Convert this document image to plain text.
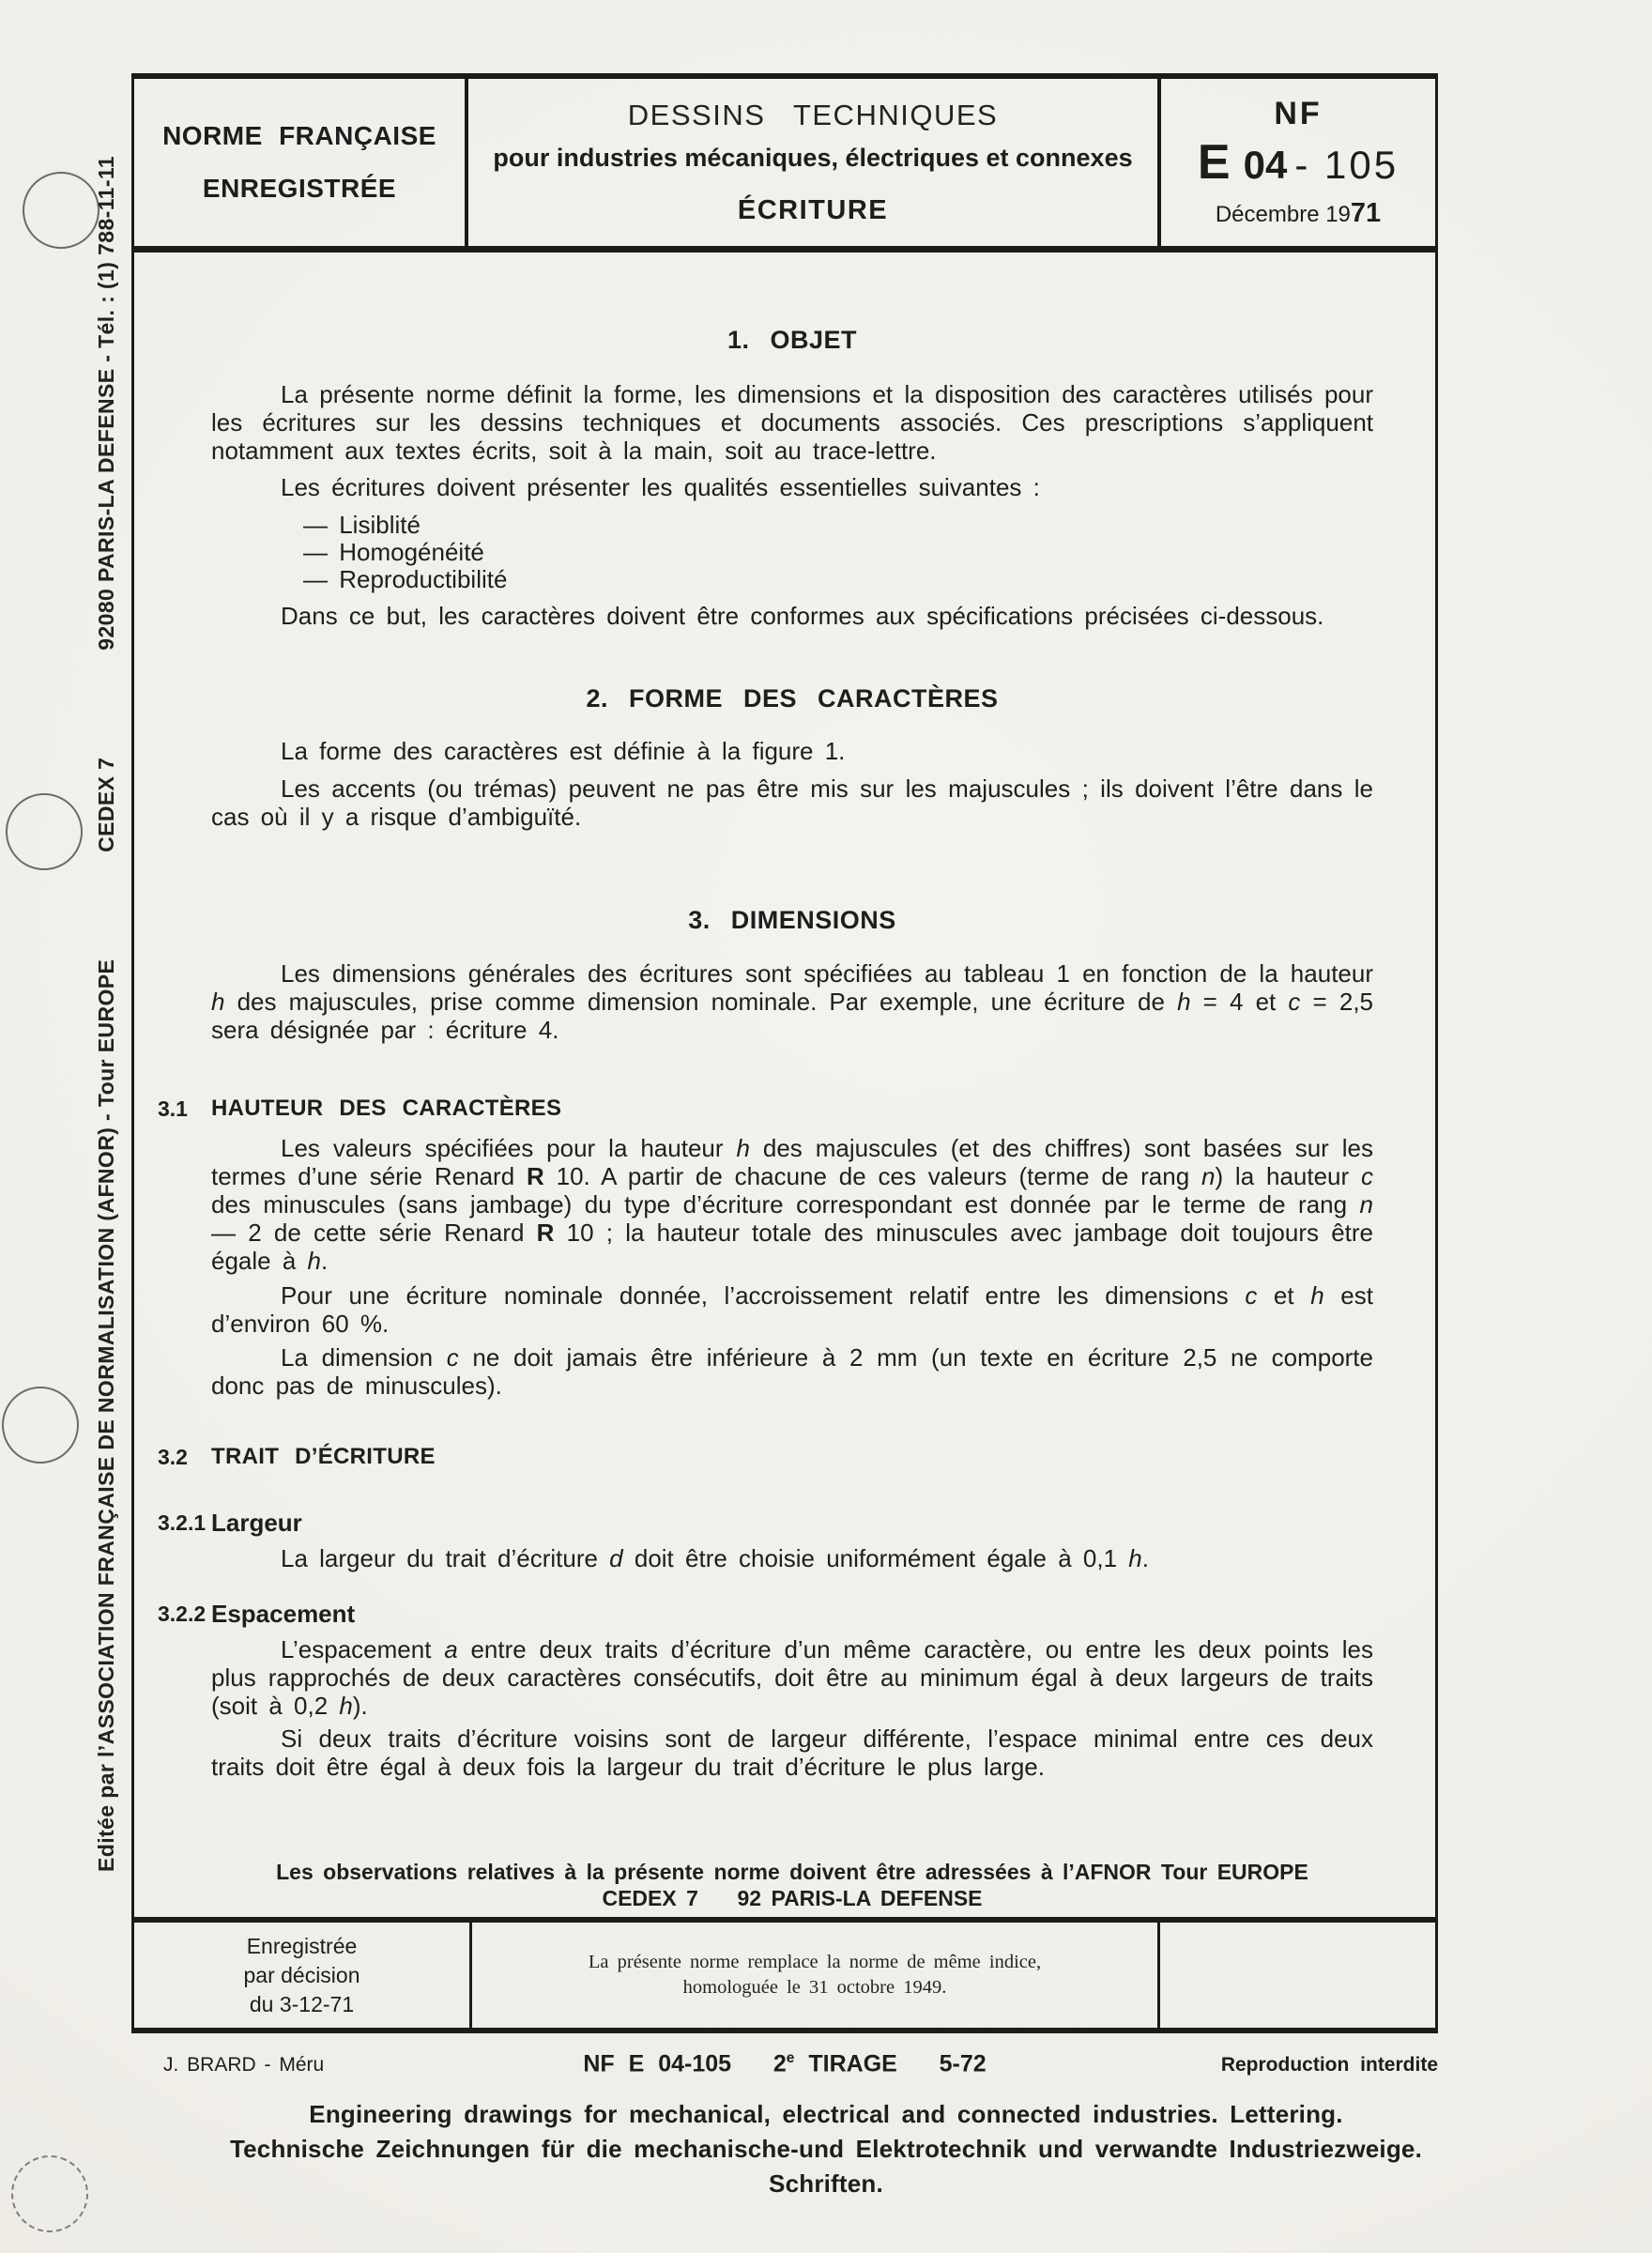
Editée par l’ASSOCIATION FRANÇAISE DE NORMALISATION (AFNOR) - Tour EUROPE
CEDEX 7
92080 PARIS-LA DEFENSE - Tél. : (1) 788-11-11
NORME FRANÇAISE
ENREGISTRÉE
DESSINS TECHNIQUES
pour industries mécaniques, électriques et connexes
ÉCRITURE
NF
E 04 - 105
Décembre 1971

1. OBJET

La présente norme définit la forme, les dimensions et la disposition des caractères utilisés pour les écritures sur les dessins techniques et documents associés. Ces prescriptions s’appliquent notamment aux textes écrits, soit à la main, soit au trace-lettre.

Les écritures doivent présenter les qualités essentielles suivantes :

— Lisiblité
— Homogénéité
— Reproductibilité

Dans ce but, les caractères doivent être conformes aux spécifications précisées ci-dessous.

2. FORME DES CARACTÈRES

La forme des caractères est définie à la figure 1.

Les accents (ou trémas) peuvent ne pas être mis sur les majuscules ; ils doivent l’être dans le cas où il y a risque d’ambiguïté.

3. DIMENSIONS

Les dimensions générales des écritures sont spécifiées au tableau 1 en fonction de la hauteur h des majuscules, prise comme dimension nominale. Par exemple, une écriture de h = 4 et c = 2,5 sera désignée par : écriture 4.

3.1	HAUTEUR DES CARACTÈRES

Les valeurs spécifiées pour la hauteur h des majuscules (et des chiffres) sont basées sur les termes d’une série Renard R 10. A partir de chacune de ces valeurs (terme de rang n) la hauteur c des minuscules (sans jambage) du type d’écriture correspondant est donnée par le terme de rang n — 2 de cette série Renard R 10 ; la hauteur totale des minuscules avec jambage doit toujours être égale à h.

Pour une écriture nominale donnée, l’accroissement relatif entre les dimensions c et h est d’environ 60 %.

La dimension c ne doit jamais être inférieure à 2 mm (un texte en écriture 2,5 ne comporte donc pas de minuscules).

3.2	TRAIT D’ÉCRITURE
3.2.1 Largeur

La largeur du trait d’écriture d doit être choisie uniformément égale à 0,1 h.

3.2.2 Espacement

L’espacement a entre deux traits d’écriture d’un même caractère, ou entre les deux points les plus rapprochés de deux caractères consécutifs, doit être au minimum égal à deux largeurs de traits (soit à 0,2 h).

Si deux traits d’écriture voisins sont de largeur différente, l’espace minimal entre ces deux traits doit être égal à deux fois la largeur du trait d’écriture le plus large.

Les observations relatives à la présente norme doivent être adressées à l’AFNOR Tour EUROPE
CEDEX 7    92 PARIS-LA DEFENSE
Enregistrée
par décision
du 3-12-71
La présente norme remplace la norme de même indice,
homologuée le 31 octobre 1949.
J. BRARD - Méru	NF E 04-105   2e TIRAGE   5-72	Reproduction interdite
Engineering drawings for mechanical, electrical and connected industries. Lettering.
Technische Zeichnungen für die mechanische-und Elektrotechnik und verwandte Industriezweige.
Schriften.
